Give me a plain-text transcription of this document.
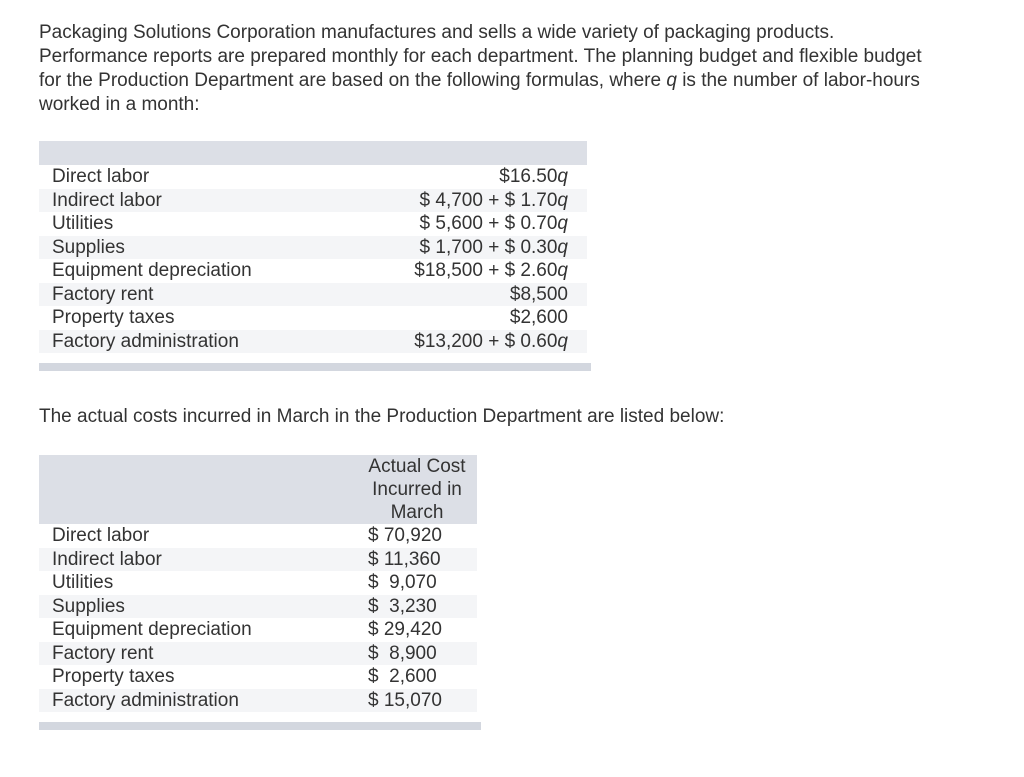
Packaging Solutions Corporation manufactures and sells a wide variety of packaging products.
Performance reports are prepared monthly for each department. The planning budget and flexible budget
for the Production Department are based on the following formulas, where q is the number of labor-hours
worked in a month:

Direct labor	$16.50q
Indirect labor	$ 4,700 + $ 1.70q
Utilities	$ 5,600 + $ 0.70q
Supplies	$ 1,700 + $ 0.30q
Equipment depreciation	$18,500 + $ 2.60q
Factory rent	$8,500
Property taxes	$2,600
Factory administration	$13,200 + $ 0.60q
The actual costs incurred in March in the Production Department are listed below:

	Actual Cost
Incurred in
March

Direct labor	$ 70,920
Indirect labor	$ 11,360
Utilities	$  9,070
Supplies	$  3,230
Equipment depreciation	$ 29,420
Factory rent	$  8,900
Property taxes	$  2,600
Factory administration	$ 15,070
